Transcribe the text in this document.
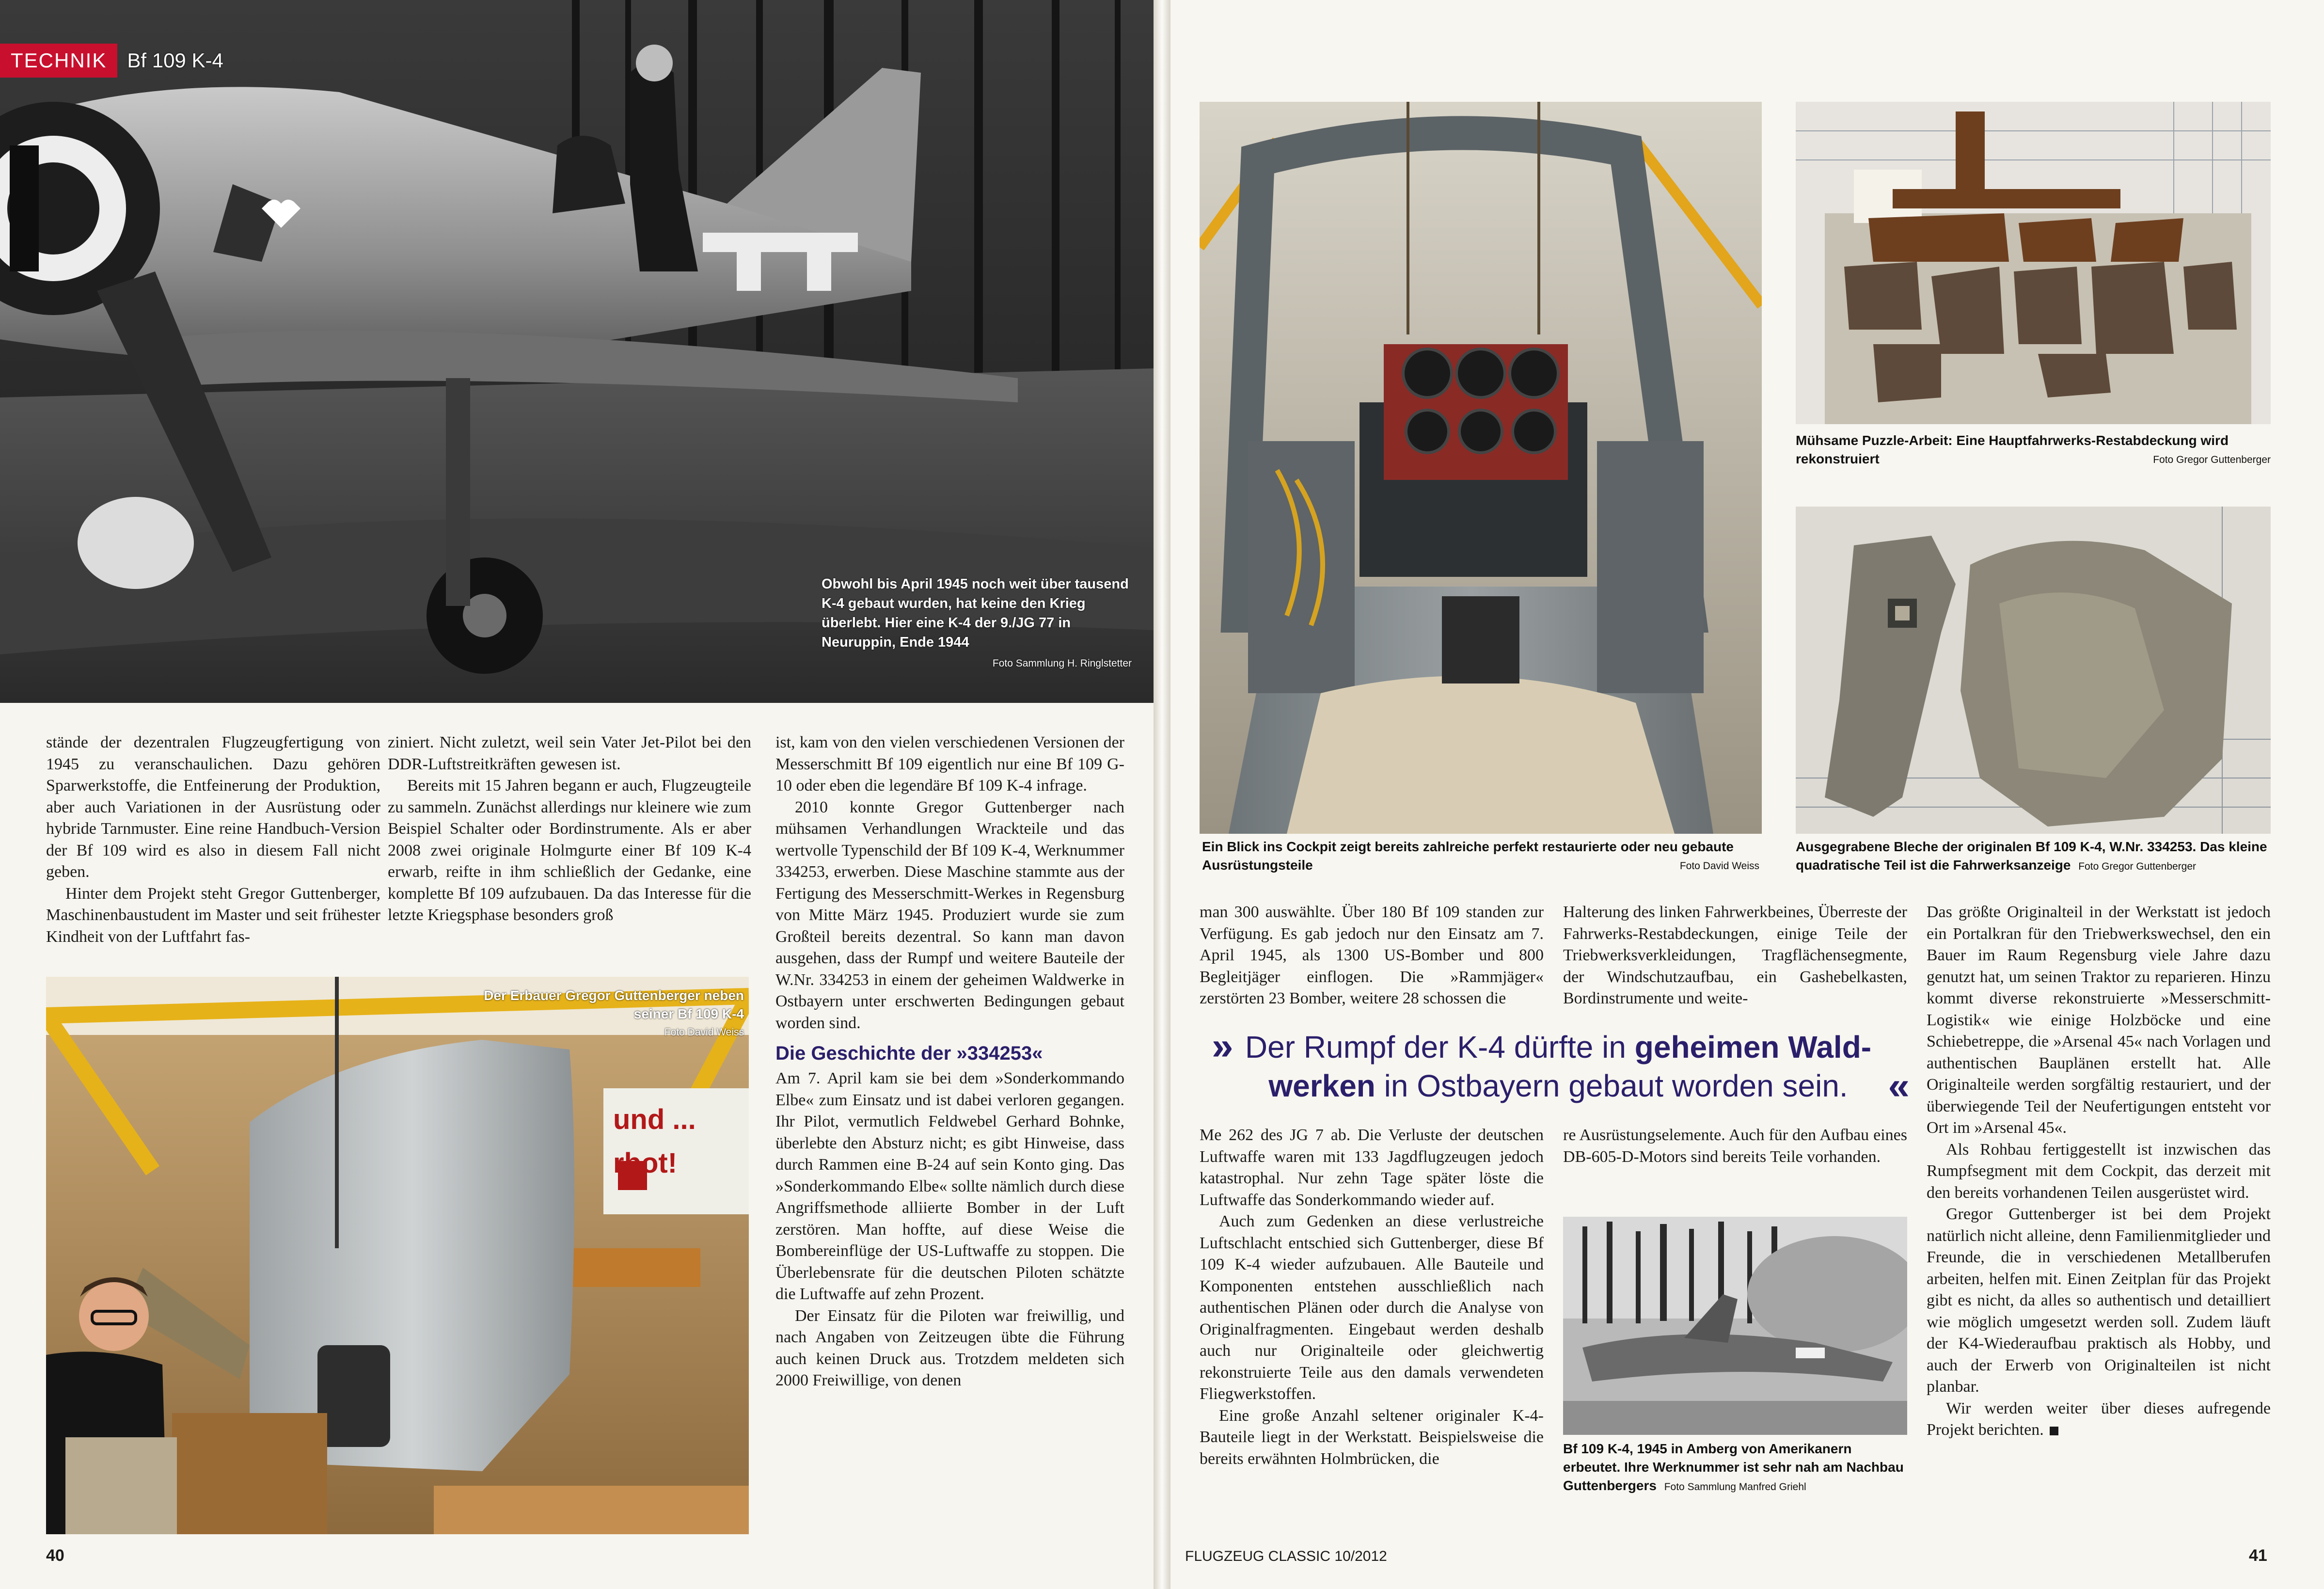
Obwohl bis April 1945 noch weit über tausend K-4 gebaut wurden, hat keine den Krieg überlebt. Hier eine K-4 der 9./JG 77 in Neuruppin, Ende 1944
Foto Sammlung H. Ringlstetter
TECHNIK	Bf 109 K-4

stände der dezentralen Flugzeugfertigung von 1945 zu veranschaulichen. Dazu gehören Sparwerkstoffe, die Entfeinerung der Produktion, aber auch Variationen in der Ausrüstung oder hybride Tarnmuster. Eine reine Handbuch-Version der Bf 109 wird es also in diesem Fall nicht geben.

Hinter dem Projekt steht Gregor Guttenberger, Maschinenbaustudent im Master und seit frühester Kindheit von der Luftfahrt fas-

ziniert. Nicht zuletzt, weil sein Vater Jet-Pilot bei den DDR-Luftstreitkräften gewesen ist.

Bereits mit 15 Jahren begann er auch, Flugzeugteile zu sammeln. Zunächst allerdings nur kleinere wie zum Beispiel Schalter oder Bordinstrumente. Als er aber 2008 zwei originale Holmgurte einer Bf 109 K-4 erwarb, reifte in ihm schließlich der Gedanke, eine komplette Bf 109 aufzubauen. Da das Interesse für die letzte Kriegsphase besonders groß

und ... rbot!
Der Erbauer Gregor Guttenberger neben seiner Bf 109 K-4
Foto David Weiss

ist, kam von den vielen verschiedenen Versionen der Messerschmitt Bf 109 eigentlich nur eine Bf 109 G-10 oder eben die legendäre Bf 109 K-4 infrage.

2010 konnte Gregor Guttenberger nach mühsamen Verhandlungen Wrackteile und das wertvolle Typenschild der Bf 109 K-4, Werknummer 334253, erwerben. Diese Maschine stammte aus der Fertigung des Messerschmitt-Werkes in Regensburg von Mitte März 1945. Produziert wurde sie zum Großteil bereits dezentral. So kann man davon ausgehen, dass der Rumpf und weitere Bauteile der W.Nr. 334253 in einem der geheimen Waldwerke in Ostbayern unter erschwerten Bedingungen gebaut worden sind.

Die Geschichte der »334253«

Am 7. April kam sie bei dem »Sonderkommando Elbe« zum Einsatz und ist dabei verloren gegangen. Ihr Pilot, vermutlich Feldwebel Gerhard Bohnke, überlebte den Absturz nicht; es gibt Hinweise, dass durch Rammen eine B-24 auf sein Konto ging. Das »Sonderkommando Elbe« sollte nämlich durch diese Angriffsmethode alliierte Bomber in der Luft zerstören. Man hoffte, auf diese Weise die Bombereinflüge der US-Luftwaffe zu stoppen. Die Überlebensrate für die deutschen Piloten schätzte die Luftwaffe auf zehn Prozent.

Der Einsatz für die Piloten war freiwillig, und nach Angaben von Zeitzeugen übte die Führung auch keinen Druck aus. Trotzdem meldeten sich 2000 Freiwillige, von denen

40
Ein Blick ins Cockpit zeigt bereits zahlreiche perfekt restaurierte oder neu gebaute Ausrüstungsteile	Foto David Weiss
Mühsame Puzzle-Arbeit: Eine Hauptfahrwerks-Restabdeckung wird rekonstruiert	Foto Gregor Guttenberger
Ausgegrabene Bleche der originalen Bf 109 K-4, W.Nr. 334253. Das kleine quadratische Teil ist die Fahrwerksanzeige Foto Gregor Guttenberger

man 300 auswählte. Über 180 Bf 109 standen zur Verfügung. Es gab jedoch nur den Einsatz am 7. April 1945, als 1300 US-Bomber und 800 Begleitjäger einflogen. Die »Rammjäger« zerstörten 23 Bomber, weitere 28 schossen die

Halterung des linken Fahrwerkbeines, Überreste der Fahrwerks-Restabdeckungen, einige Teile der Triebwerksverkleidungen, Tragflächensegmente, der Windschutzaufbau, ein Gashebelkasten, Bordinstrumente und weite-

» Der Rumpf der K-4 dürfte in geheimen Wald-werken in Ostbayern gebaut worden sein. «

Me 262 des JG 7 ab. Die Verluste der deutschen Luftwaffe waren mit 133 Jagdflugzeugen jedoch katastrophal. Nur zehn Tage später löste die Luftwaffe das Sonderkommando wieder auf.

Auch zum Gedenken an diese verlustreiche Luftschlacht entschied sich Guttenberger, diese Bf 109 K-4 wieder aufzubauen. Alle Bauteile und Komponenten entstehen ausschließlich nach authentischen Plänen oder durch die Analyse von Originalfragmenten. Eingebaut werden deshalb auch nur Originalteile oder gleichwertig rekonstruierte Teile aus den damals verwendeten Fliegwerkstoffen.

Eine große Anzahl seltener originaler K-4-Bauteile liegt in der Werkstatt. Beispielsweise die bereits erwähnten Holmbrücken, die

re Ausrüstungselemente. Auch für den Aufbau eines DB-605-D-Motors sind bereits Teile vorhanden.

Bf 109 K-4, 1945 in Amberg von Amerikanern erbeutet. Ihre Werknummer ist sehr nah am Nachbau Guttenbergers Foto Sammlung Manfred Griehl

Das größte Originalteil in der Werkstatt ist jedoch ein Portalkran für den Triebwerkswechsel, den ein Bauer im Raum Regensburg viele Jahre dazu genutzt hat, um seinen Traktor zu reparieren. Hinzu kommt diverse rekonstruierte »Messerschmitt-Logistik« wie einige Holzböcke und eine Schiebetreppe, die »Arsenal 45« nach Vorlagen und authentischen Bauplänen erstellt hat. Alle Originalteile werden sorgfältig restauriert, und der überwiegende Teil der Neufertigungen entsteht vor Ort im »Arsenal 45«.

Als Rohbau fertiggestellt ist inzwischen das Rumpfsegment mit dem Cockpit, das derzeit mit den bereits vorhandenen Teilen ausgerüstet wird.

Gregor Guttenberger ist bei dem Projekt natürlich nicht alleine, denn Familienmitglieder und Freunde, die in verschiedenen Metallberufen arbeiten, helfen mit. Einen Zeitplan für das Projekt gibt es nicht, da alles so authentisch und detailliert wie möglich umgesetzt werden soll. Zudem läuft der K4-Wiederaufbau praktisch als Hobby, und auch der Erwerb von Originalteilen ist nicht planbar.

Wir werden weiter über dieses aufregende Projekt berichten.

FLUGZEUG CLASSIC 10/2012	41
